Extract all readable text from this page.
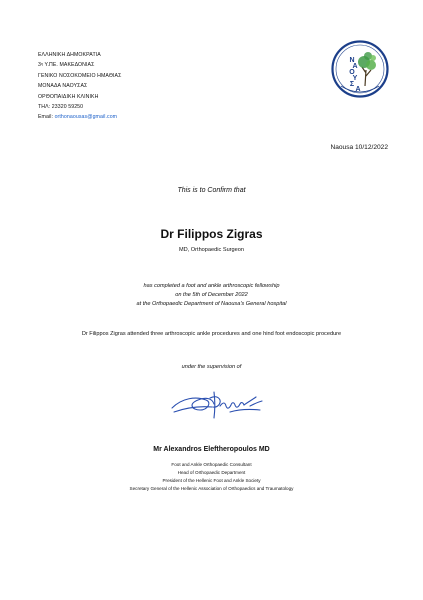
ΕΛΛΗΝΙΚΗ ΔΗΜΟΚΡΑΤΙΑ
$3^\eta$ Υ.ΠΕ. ΜΑΚΕΔΟΝΙΑΣ
ΓΕΝΙΚΟ ΝΟΣΟΚΟΜΕΙΟ ΗΜΑΘΙΑΣ
ΜΟΝΑΔΑ ΝΑΟΥΣΑΣ
ΟΡΘΟΠΑΙΔΙΚΗ ΚΛΙΝΙΚΗ
ΤΗΛ: 23320 59250
Email: orthonaousas@gmail.com
Ν
Α
Ο
Υ
Σ
Α
Naousa 10/12/2022
This is to Confirm that
Dr Filippos Zigras
MD, Orthopaedic Surgeon
has completed a foot and ankle arthroscopic fellowship
on the 5th of December 2022
at the Orthopaedic Department of Naousa's General hospital
Dr Filippos Zigras attended three arthroscopic ankle procedures and one hind foot endoscopic procedure
under the supervision of
Mr Alexandros Eleftheropoulos MD
Foot and Ankle Orthopaedic Consultant
Head of Orthopaedic Department
President of the Hellenic Foot and Ankle Society
Secretary General of the Hellenic Association of Orthopaedics and Traumatology
